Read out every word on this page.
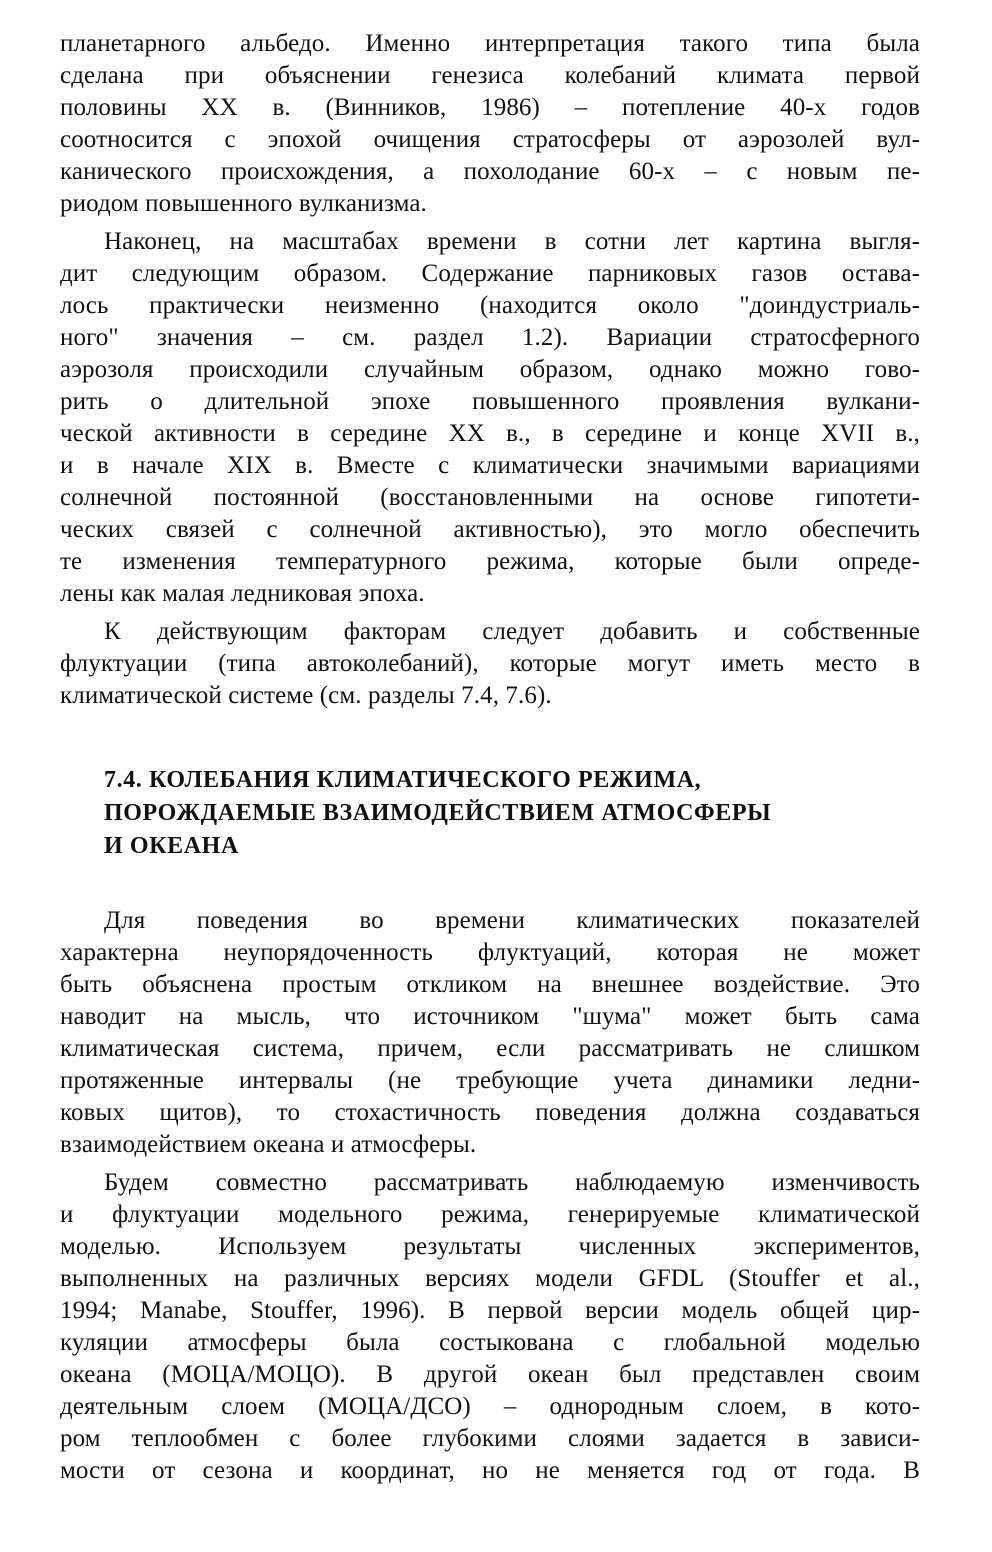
планетарного альбедо. Именно интерпретация такого типа была
сделана при объяснении генезиса колебаний климата первой
половины XX в. (Винников, 1986) – потепление 40-х годов
соотносится с эпохой очищения стратосферы от аэрозолей вул-
канического происхождения, а похолодание 60-х – с новым пе-
риодом повышенного вулканизма.
Наконец, на масштабах времени в сотни лет картина выгля-
дит следующим образом. Содержание парниковых газов остава-
лось практически неизменно (находится около "доиндустриаль-
ного" значения – см. раздел 1.2). Вариации стратосферного
аэрозоля происходили случайным образом, однако можно гово-
рить о длительной эпохе повышенного проявления вулкани-
ческой активности в середине XX в., в середине и конце XVII в.,
и в начале XIX в. Вместе с климатически значимыми вариациями
солнечной постоянной (восстановленными на основе гипотети-
ческих связей с солнечной активностью), это могло обеспечить
те изменения температурного режима, которые были опреде-
лены как малая ледниковая эпоха.
К действующим факторам следует добавить и собственные
флуктуации (типа автоколебаний), которые могут иметь место в
климатической системе (см. разделы 7.4, 7.6).
7.4. КОЛЕБАНИЯ КЛИМАТИЧЕСКОГО РЕЖИМА,
ПОРОЖДАЕМЫЕ ВЗАИМОДЕЙСТВИЕМ АТМОСФЕРЫ
И ОКЕАНА
Для поведения во времени климатических показателей
характерна неупорядоченность флуктуаций, которая не может
быть объяснена простым откликом на внешнее воздействие. Это
наводит на мысль, что источником "шума" может быть сама
климатическая система, причем, если рассматривать не слишком
протяженные интервалы (не требующие учета динамики ледни-
ковых щитов), то стохастичность поведения должна создаваться
взаимодействием океана и атмосферы.
Будем совместно рассматривать наблюдаемую изменчивость
и флуктуации модельного режима, генерируемые климатической
моделью. Используем результаты численных экспериментов,
выполненных на различных версиях модели GFDL (Stouffer et al.,
1994; Manabe, Stouffer, 1996). В первой версии модель общей цир-
куляции атмосферы была состыкована с глобальной моделью
океана (МОЦА/МОЦО). В другой океан был представлен своим
деятельным слоем (МОЦА/ДСО) – однородным слоем, в кото-
ром теплообмен с более глубокими слоями задается в зависи-
мости от сезона и координат, но не меняется год от года. В
